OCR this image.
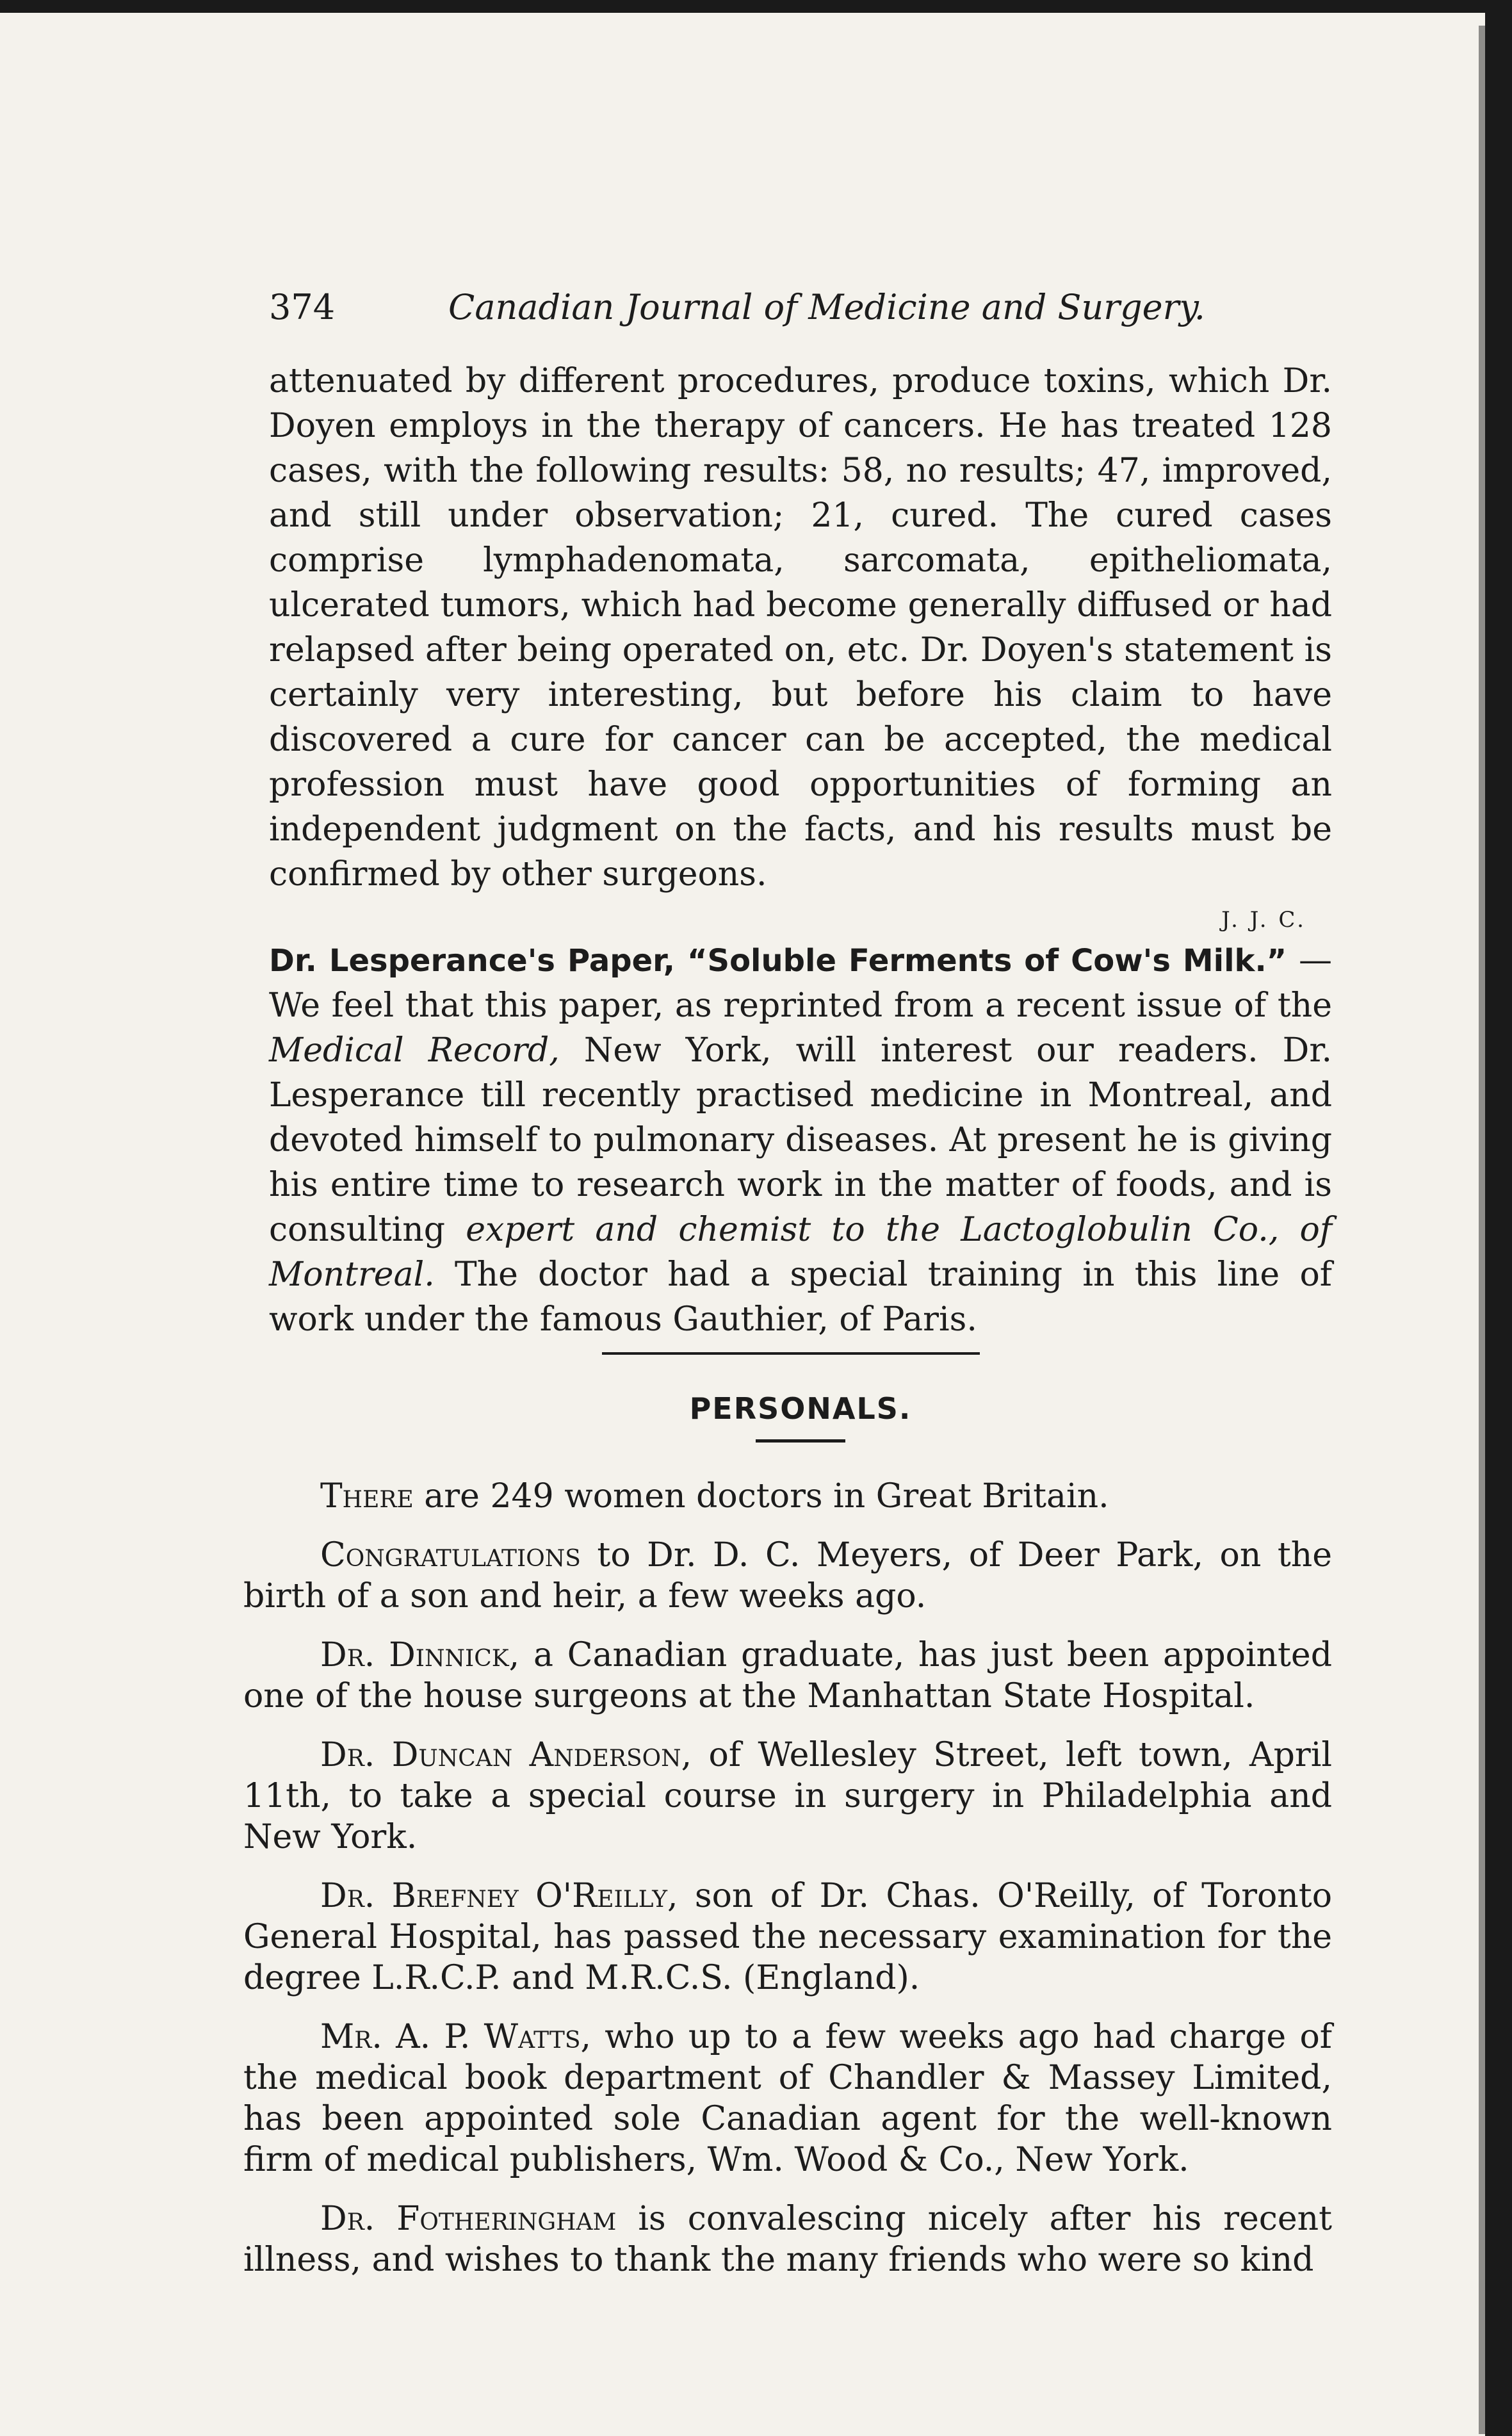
374	Canadian Journal of Medicine and Surgery.

attenuated by different procedures, produce toxins, which Dr. Doyen employs in the therapy of cancers. He has treated 128 cases, with the following results: 58, no results; 47, improved, and still under observation; 21, cured. The cured cases comprise lymphadenomata, sarcomata, epitheliomata, ulcerated tumors, which had become generally diffused or had relapsed after being operated on, etc. Dr. Doyen's statement is certainly very interesting, but before his claim to have discovered a cure for cancer can be accepted, the medical profession must have good opportunities of forming an independent judgment on the facts, and his results must be confirmed by other surgeons.

J. J. C.

Dr. Lesperance's Paper, “Soluble Ferments of Cow's Milk.” —We feel that this paper, as reprinted from a recent issue of the Medical Record, New York, will interest our readers. Dr. Lesperance till recently practised medicine in Montreal, and devoted himself to pulmonary diseases. At present he is giving his entire time to research work in the matter of foods, and is consulting expert and chemist to the Lactoglobulin Co., of Montreal. The doctor had a special training in this line of work under the famous Gauthier, of Paris.

PERSONALS.

There are 249 women doctors in Great Britain.

Congratulations to Dr. D. C. Meyers, of Deer Park, on the birth of a son and heir, a few weeks ago.

Dr. Dinnick, a Canadian graduate, has just been appointed one of the house surgeons at the Manhattan State Hospital.

Dr. Duncan Anderson, of Wellesley Street, left town, April 11th, to take a special course in surgery in Philadelphia and New York.

Dr. Brefney O'Reilly, son of Dr. Chas. O'Reilly, of Toronto General Hospital, has passed the necessary examination for the degree L.R.C.P. and M.R.C.S. (England).

Mr. A. P. Watts, who up to a few weeks ago had charge of the medical book department of Chandler & Massey Limited, has been appointed sole Canadian agent for the well-known firm of medical publishers, Wm. Wood & Co., New York.

Dr. Fotheringham is convalescing nicely after his recent illness, and wishes to thank the many friends who were so kind
